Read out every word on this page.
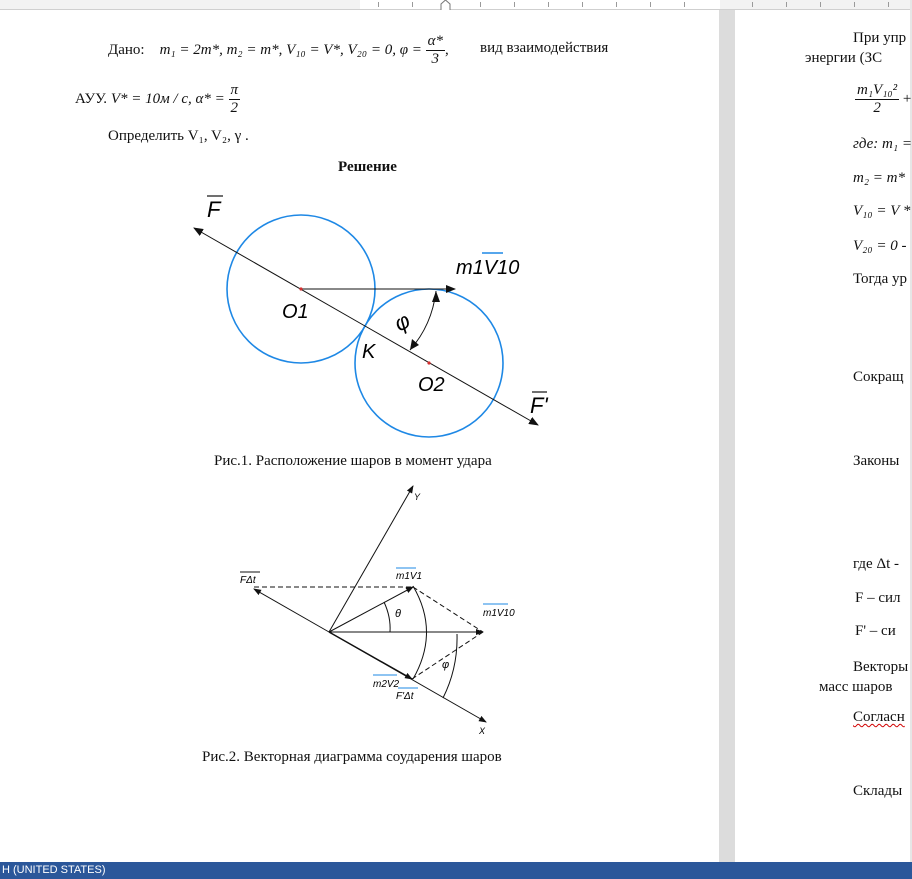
Дано: m₁ = 2m*, m₂ = m*, V₁₀ = V*, V₂₀ = 0, $\varphi = \frac{\alpha*}{3}$ , вид взаимодействия
АУУ. V* = 10м / с, $\alpha* = \frac{\pi}{2}$
Определить V₁, V₂, γ .
Решение
F
F'
O1
O2
K
φ
m1V10
Рис.1. Расположение шаров в момент удара
FΔt	m1V1
m1V10
m2V2
F'Δt
θ
φ
Y
X
Рис.2. Векторная диаграмма соударения шаров
При упр
энергии (ЗС
$\frac{\text{m₁V₁₀²}}{2}$ +
где: m₁ =
m₂ = m*
V₁₀ = V *
V₂₀ = 0 -
Тогда ур
Сокращ
Законы
где Δt -
F – сил
F' – си
Векторы
масс шаров
Согласн
Склады
H (UNITED STATES)
